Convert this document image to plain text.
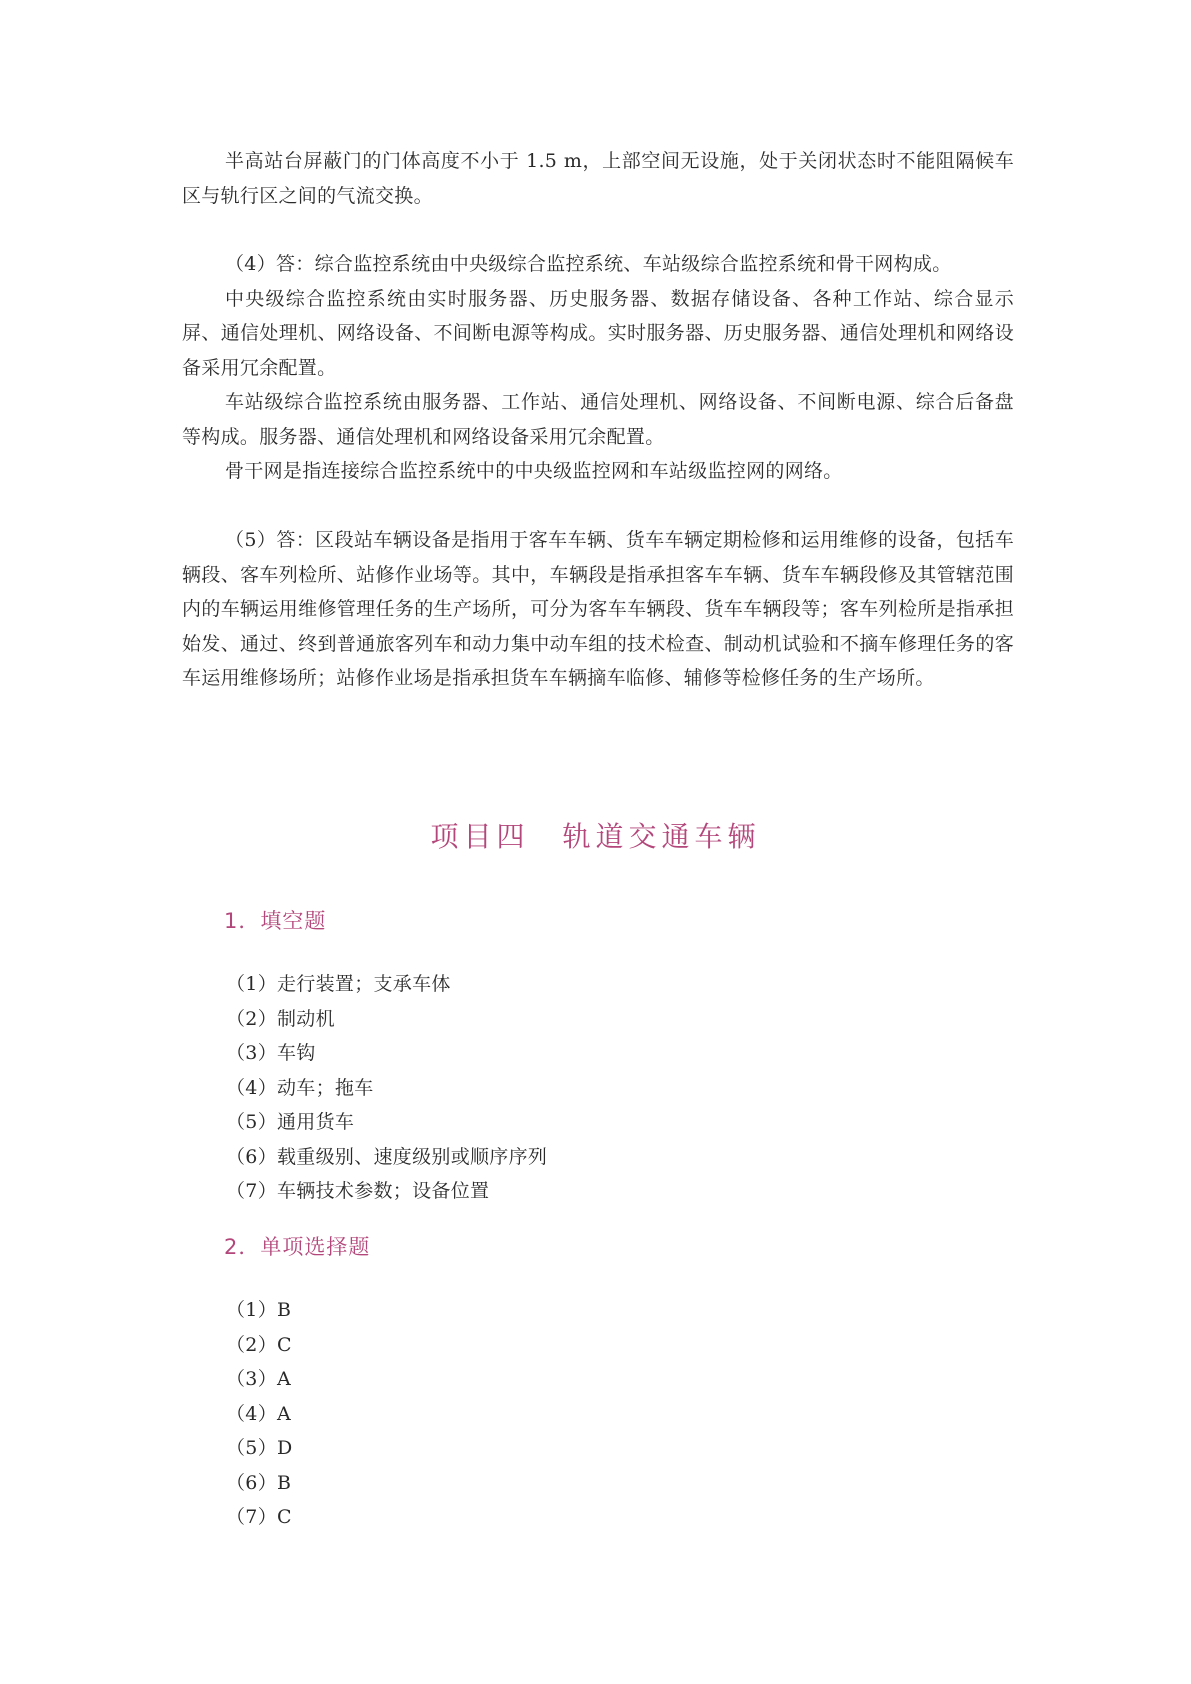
半高站台屏蔽门的门体高度不小于 1.5 m，上部空间无设施，处于关闭状态时不能阻隔候车区与轨行区之间的气流交换。

（4）答：综合监控系统由中央级综合监控系统、车站级综合监控系统和骨干网构成。

中央级综合监控系统由实时服务器、历史服务器、数据存储设备、各种工作站、综合显示屏、通信处理机、网络设备、不间断电源等构成。实时服务器、历史服务器、通信处理机和网络设备采用冗余配置。

车站级综合监控系统由服务器、工作站、通信处理机、网络设备、不间断电源、综合后备盘等构成。服务器、通信处理机和网络设备采用冗余配置。

骨干网是指连接综合监控系统中的中央级监控网和车站级监控网的网络。

（5）答：区段站车辆设备是指用于客车车辆、货车车辆定期检修和运用维修的设备，包括车辆段、客车列检所、站修作业场等。其中，车辆段是指承担客车车辆、货车车辆段修及其管辖范围内的车辆运用维修管理任务的生产场所，可分为客车车辆段、货车车辆段等；客车列检所是指承担始发、通过、终到普通旅客列车和动力集中动车组的技术检查、制动机试验和不摘车修理任务的客车运用维修场所；站修作业场是指承担货车车辆摘车临修、辅修等检修任务的生产场所。

项目四　轨道交通车辆
1．填空题
（1）走行装置；支承车体
（2）制动机
（3）车钩
（4）动车；拖车
（5）通用货车
（6）载重级别、速度级别或顺序序列
（7）车辆技术参数；设备位置
2．单项选择题
（1）B
（2）C
（3）A
（4）A
（5）D
（6）B
（7）C
